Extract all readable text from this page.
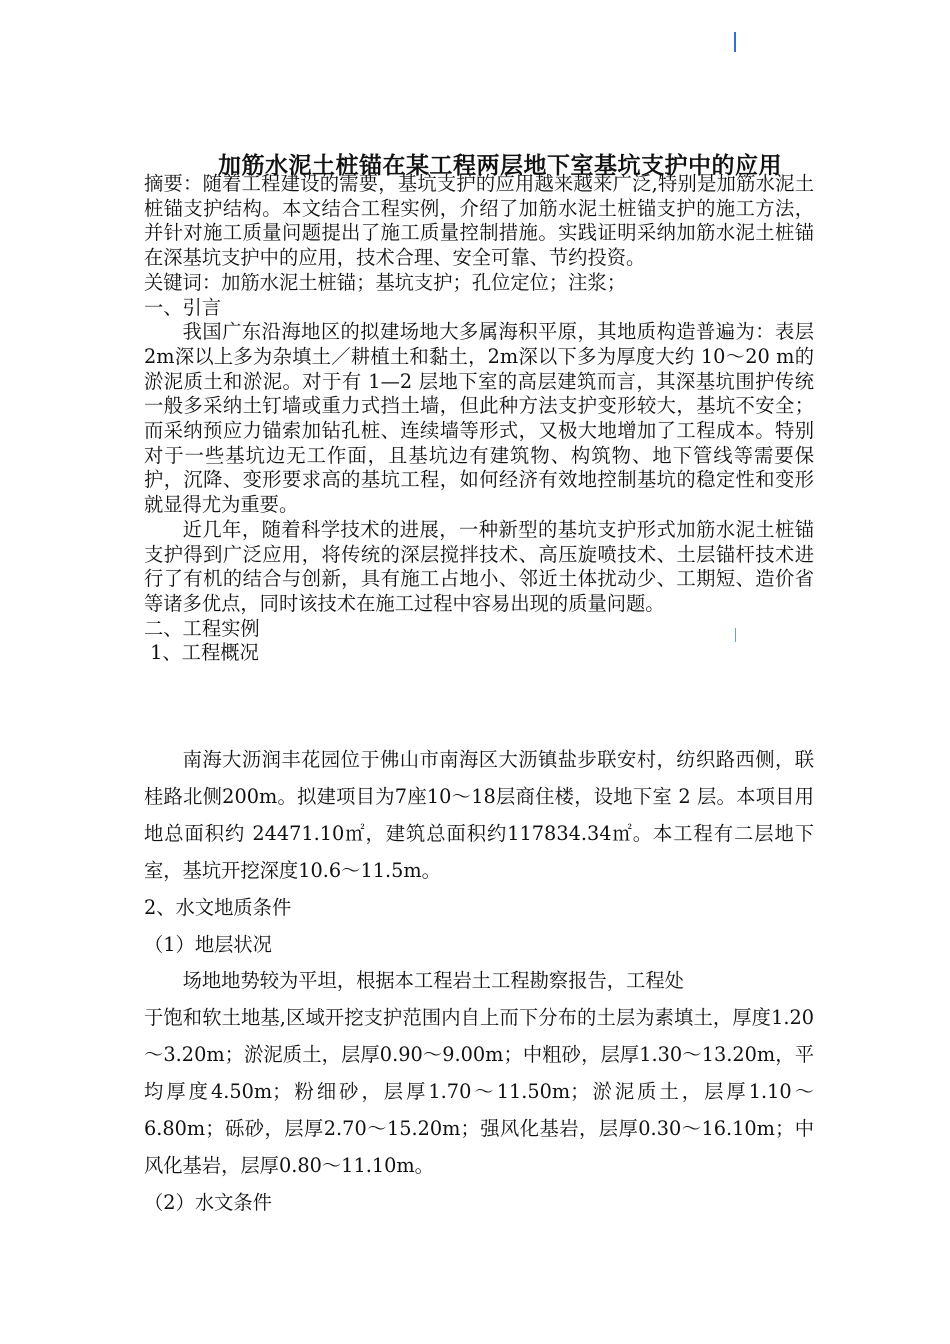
加筋水泥土桩锚在某工程两层地下室基坑支护中的应用

摘要：随着工程建设的需要，基坑支护的应用越来越来广泛,特别是加筋水泥土桩锚支护结构。本文结合工程实例，介绍了加筋水泥土桩锚支护的施工方法，并针对施工质量问题提出了施工质量控制措施。实践证明采纳加筋水泥土桩锚在深基坑支护中的应用，技术合理、安全可靠、节约投资。

关键词：加筋水泥土桩锚；基坑支护；孔位定位；注浆；

一、引言

我国广东沿海地区的拟建场地大多属海积平原，其地质构造普遍为：表层2m深以上多为杂填土／耕植土和黏土，2m深以下多为厚度大约 10～20 m的淤泥质土和淤泥。对于有 1—2 层地下室的高层建筑而言，其深基坑围护传统一般多采纳土钉墙或重力式挡土墙，但此种方法支护变形较大，基坑不安全；而采纳预应力锚索加钻孔桩、连续墙等形式，又极大地增加了工程成本。特别对于一些基坑边无工作面，且基坑边有建筑物、构筑物、地下管线等需要保护，沉降、变形要求高的基坑工程，如何经济有效地控制基坑的稳定性和变形就显得尤为重要。

近几年，随着科学技术的进展，一种新型的基坑支护形式加筋水泥土桩锚支护得到广泛应用，将传统的深层搅拌技术、高压旋喷技术、土层锚杆技术进行了有机的结合与创新，具有施工占地小、邻近土体扰动少、工期短、造价省等诸多优点，同时该技术在施工过程中容易出现的质量问题。

二、工程实例

1、工程概况

南海大沥润丰花园位于佛山市南海区大沥镇盐步联安村，纺织路西侧，联桂路北侧200m。拟建项目为7座10～18层商住楼，设地下室 2 层。本项目用地总面积约 24471.10㎡，建筑总面积约117834.34㎡。本工程有二层地下室，基坑开挖深度10.6～11.5m。

2、水文地质条件

（1）地层状况

场地地势较为平坦，根据本工程岩土工程勘察报告，工程处

于饱和软土地基,区域开挖支护范围内自上而下分布的土层为素填土，厚度1.20～3.20m；淤泥质土，层厚0.90～9.00m；中粗砂，层厚1.30～13.20m，平均厚度4.50m；粉细砂，层厚1.70～11.50m；淤泥质土，层厚1.10～6.80m；砾砂，层厚2.70～15.20m；强风化基岩，层厚0.30～16.10m；中风化基岩，层厚0.80～11.10m。

（2）水文条件
